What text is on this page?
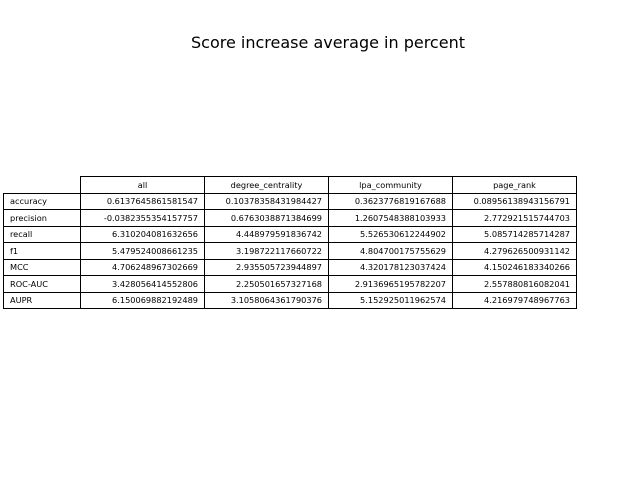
Score increase average in percent
	all	degree_centrality	lpa_community	page_rank
accuracy	0.6137645861581547	0.10378358431984427	0.3623776819167688	0.08956138943156791
precision	-0.0382355354157757	0.6763038871384699	1.2607548388103933	2.772921515744703
recall	6.310204081632656	4.448979591836742	5.526530612244902	5.085714285714287
f1	5.479524008661235	3.198722117660722	4.804700175755629	4.279626500931142
MCC	4.706248967302669	2.935505723944897	4.320178123037424	4.150246183340266
ROC-AUC	3.428056414552806	2.250501657327168	2.9136965195782207	2.557880816082041
AUPR	6.150069882192489	3.1058064361790376	5.152925011962574	4.216979748967763
